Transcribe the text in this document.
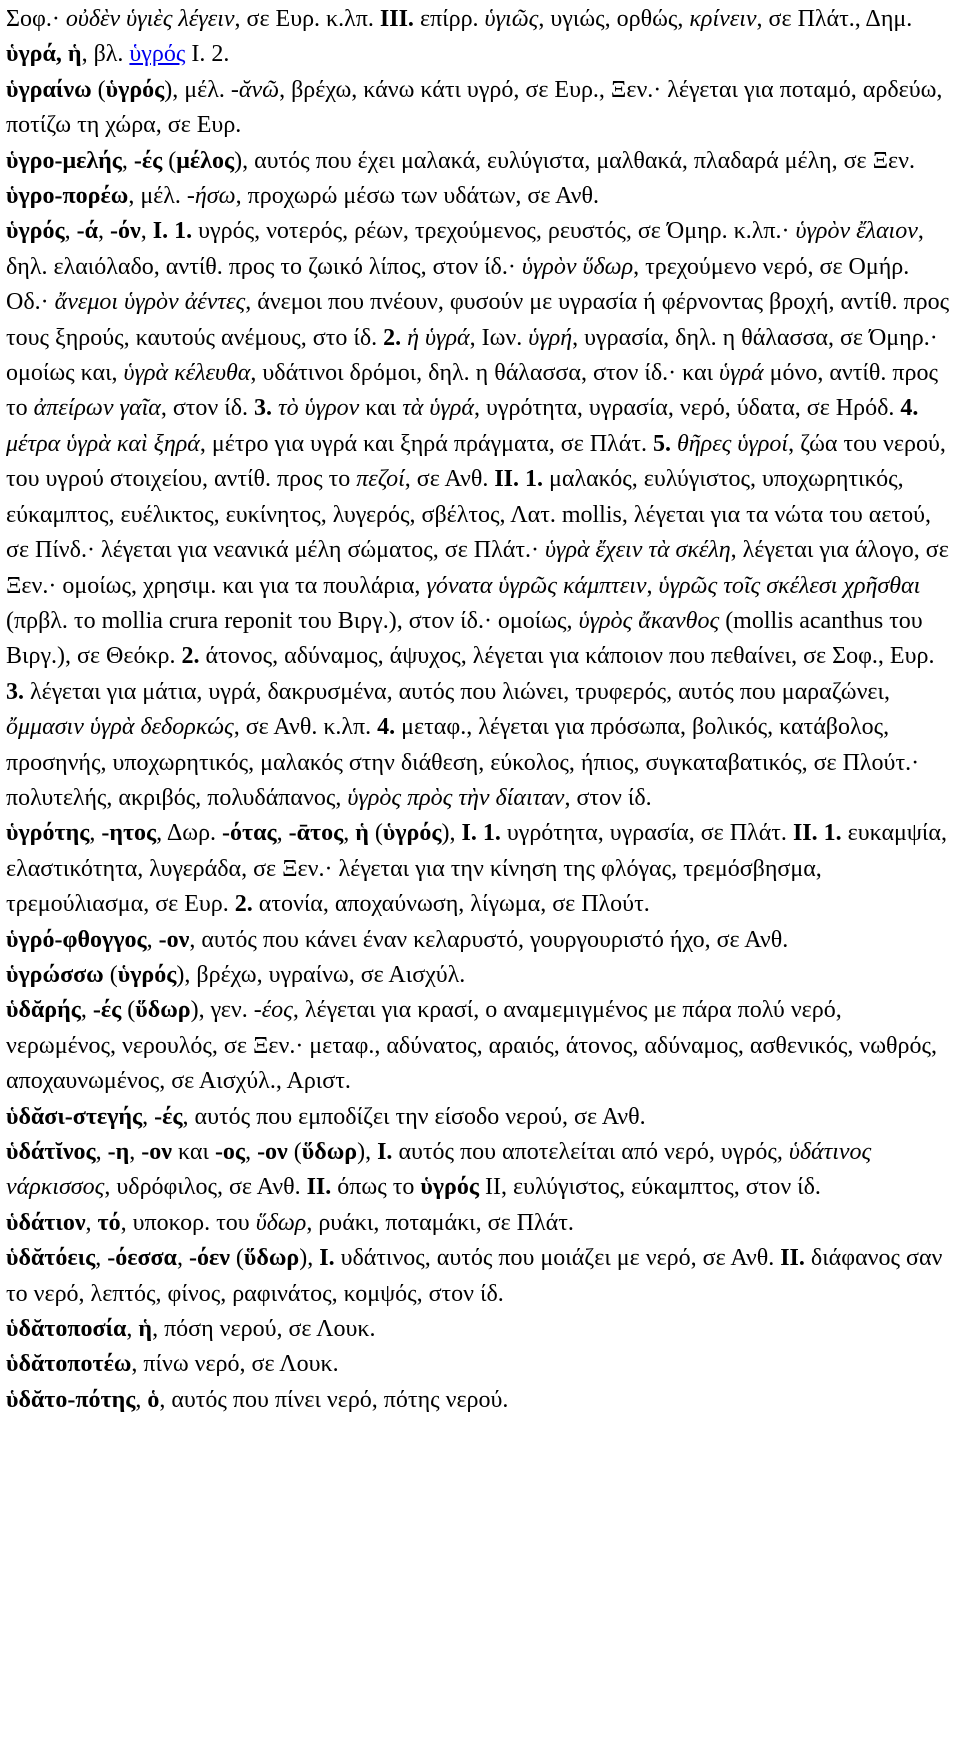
Σοφ.· οὐδὲν ὑγιὲς λέγειν, σε Ευρ. κ.λπ. III. επίρρ. ὑγιῶς, υγιώς, ορθώς, κρίνειν, σε Πλάτ., Δημ.

ὑγρά, ἡ, βλ. ὑγρός I. 2.

ὑγραίνω (ὑγρός), μέλ. -ᾰνῶ, βρέχω, κάνω κάτι υγρό, σε Ευρ., Ξεν.· λέγεται για ποταμό, αρδεύω, ποτίζω τη χώρα, σε Ευρ.

ὑγρο-μελής, -ές (μέλος), αυτός που έχει μαλακά, ευλύγιστα, μαλθακά, πλαδαρά μέλη, σε Ξεν.

ὑγρο-πορέω, μέλ. -ήσω, προχωρώ μέσω των υδάτων, σε Ανθ.

ὑγρός, -ά, -όν, I. 1. υγρός, νοτερός, ρέων, τρεχούμενος, ρευστός, σε Όμηρ. κ.λπ.· ὑγρὸν ἔλαιον, δηλ. ελαιόλαδο, αντίθ. προς το ζωικό λίπος, στον ίδ.· ὑγρὸν ὕδωρ, τρεχούμενο νερό, σε Ομήρ. Οδ.· ἄνεμοι ὑγρὸν ἀέντες, άνεμοι που πνέουν, φυσούν με υγρασία ή φέρνοντας βροχή, αντίθ. προς τους ξηρούς, καυτούς ανέμους, στο ίδ. 2. ἡ ὑγρά, Ιων. ὑγρή, υγρασία, δηλ. η θάλασσα, σε Όμηρ.· ομοίως και, ὑγρὰ κέλευθα, υδάτινοι δρόμοι, δηλ. η θάλασσα, στον ίδ.· και ὑγρά μόνο, αντίθ. προς το ἀπείρων γαῖα, στον ίδ. 3. τὸ ὑγρον και τὰ ὑγρά, υγρότητα, υγρασία, νερό, ύδατα, σε Ηρόδ. 4. μέτρα ὑγρὰ καὶ ξηρά, μέτρο για υγρά και ξηρά πράγματα, σε Πλάτ. 5. θῆρες ὑγροί, ζώα του νερού, του υγρού στοιχείου, αντίθ. προς το πεζοί, σε Ανθ. II. 1. μαλακός, ευλύγιστος, υποχωρητικός, εύκαμπτος, ευέλικτος, ευκίνητος, λυγερός, σβέλτος, Λατ. mollis, λέγεται για τα νώτα του αετού, σε Πίνδ.· λέγεται για νεανικά μέλη σώματος, σε Πλάτ.· ὑγρὰ ἔχειν τὰ σκέλη, λέγεται για άλογο, σε Ξεν.· ομοίως, χρησιμ. και για τα πουλάρια, γόνατα ὑγρῶς κάμπτειν, ὑγρῶς τοῖς σκέλεσι χρῆσθαι (πρβλ. το mollia crura reponit του Βιργ.), στον ίδ.· ομοίως, ὑγρὸς ἄκανθος (mollis acanthus του Βιργ.), σε Θεόκρ. 2. άτονος, αδύναμος, άψυχος, λέγεται για κάποιον που πεθαίνει, σε Σοφ., Ευρ. 3. λέγεται για μάτια, υγρά, δακρυσμένα, αυτός που λιώνει, τρυφερός, αυτός που μαραζώνει, ὄμμασιν ὑγρὰ δεδορκώς, σε Ανθ. κ.λπ. 4. μεταφ., λέγεται για πρόσωπα, βολικός, κατάβολος, προσηνής, υποχωρητικός, μαλακός στην διάθεση, εύκολος, ήπιος, συγκαταβατικός, σε Πλούτ.· πολυτελής, ακριβός, πολυδάπανος, ὑγρὸς πρὸς τὴν δίαιταν, στον ίδ.

ὑγρότης, -ητος, Δωρ. -ότας, -ᾱτος, ἡ (ὑγρός), I. 1. υγρότητα, υγρασία, σε Πλάτ. II. 1. ευκαμψία, ελαστικότητα, λυγεράδα, σε Ξεν.· λέγεται για την κίνηση της φλόγας, τρεμόσβησμα, τρεμούλιασμα, σε Ευρ. 2. ατονία, αποχαύνωση, λίγωμα, σε Πλούτ.

ὑγρό-φθογγος, -ον, αυτός που κάνει έναν κελαρυστό, γουργουριστό ήχο, σε Ανθ.

ὑγρώσσω (ὑγρός), βρέχω, υγραίνω, σε Αισχύλ.

ὑδᾰρής, -ές (ὕδωρ), γεν. -έος, λέγεται για κρασί, ο αναμεμιγμένος με πάρα πολύ νερό, νερωμένος, νερουλός, σε Ξεν.· μεταφ., αδύνατος, αραιός, άτονος, αδύναμος, ασθενικός, νωθρός, αποχαυνωμένος, σε Αισχύλ., Αριστ.

ὑδᾰσι-στεγής, -ές, αυτός που εμποδίζει την είσοδο νερού, σε Ανθ.

ὑδάτῐνος, -η, -ον και -ος, -ον (ὕδωρ), I. αυτός που αποτελείται από νερό, υγρός, ὑδάτινος νάρκισσος, υδρόφιλος, σε Ανθ. II. όπως το ὑγρός II, ευλύγιστος, εύκαμπτος, στον ίδ.

ὑδάτιον, τό, υποκορ. του ὕδωρ, ρυάκι, ποταμάκι, σε Πλάτ.

ὑδᾰτόεις, -όεσσα, -όεν (ὕδωρ), I. υδάτινος, αυτός που μοιάζει με νερό, σε Ανθ. II. διάφανος σαν το νερό, λεπτός, φίνος, ραφινάτος, κομψός, στον ίδ.

ὑδᾰτοποσία, ἡ, πόση νερού, σε Λουκ.

ὑδᾰτοποτέω, πίνω νερό, σε Λουκ.

ὑδᾰτο-πότης, ὁ, αυτός που πίνει νερό, πότης νερού.
